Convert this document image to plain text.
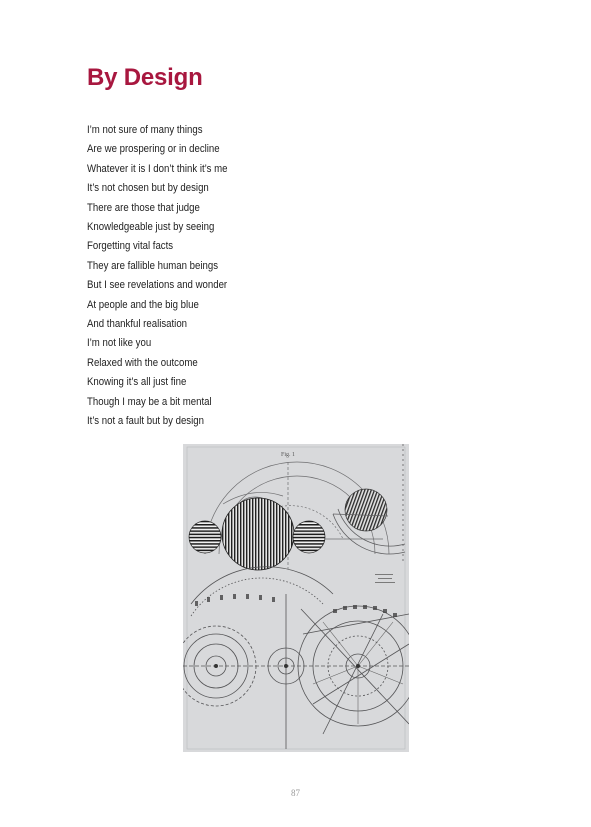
By Design
I’m not sure of many things
Are we prospering or in decline
Whatever it is I don’t think it’s me
It’s not chosen but by design
There are those that judge
Knowledgeable just by seeing
Forgetting vital facts
They are fallible human beings
But I see revelations and wonder
At people and the big blue
And thankful realisation
I’m not like you
Relaxed with the outcome
Knowing it’s all just fine
Though I may be a bit mental
It’s not a fault but by design
Fig. 1
87
